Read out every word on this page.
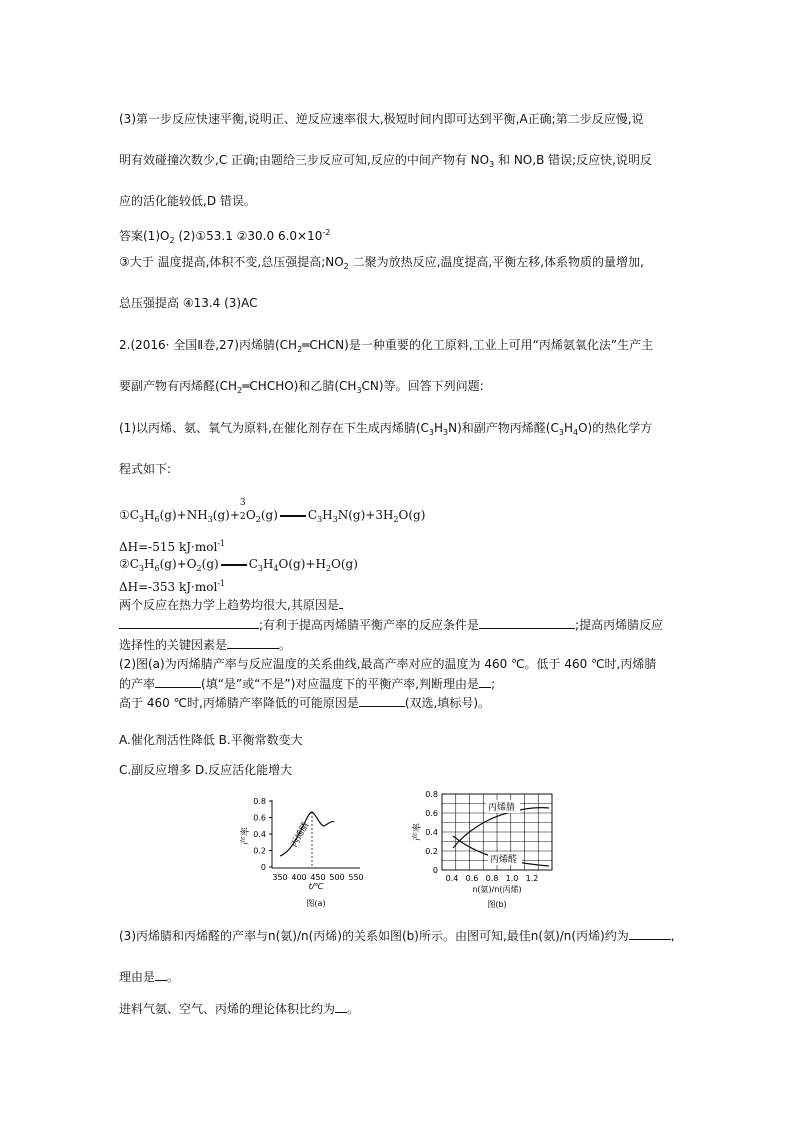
(3)第一步反应快速平衡,说明正、逆反应速率很大,极短时间内即可达到平衡,A正确;第二步反应慢,说
明有效碰撞次数少,C 正确;由题给三步反应可知,反应的中间产物有 $NO_3$ 和 NO,B 错误;反应快,说明反
应的活化能较低,D 错误。
答案$(1)O_2$ (2)①53.1 ②30.0 $6.0\times 10^{-2}$
③大于 温度提高,体积不变,总压强提高$;NO_2$ 二聚为放热反应,温度提高,平衡左移,体系物质的量增加,
总压强提高 ④13.4 (3)AC
2.(2016· 全国Ⅱ卷,27)丙烯腈$(CH_2═CHCN)$是一种重要的化工原料,工业上可用“丙烯氨氧化法”生产主
要副产物有丙烯醛$(CH_2═CHCHO)$和乙腈$(CH_3CN)$等。回答下列问题:
(1)以丙烯、氨、氧气为原料,在催化剂存在下生成丙烯腈$(C_3H_3N)$和副产物丙烯醛$(C_3H_4O)$的热化学方
程式如下:
$①C_3H_6(g)+NH_3(g)+$
3
$2O_2(g)$	$C_3H_3N(g)+3H_2O(g)$
ΔH=-515 kJ·mol$^{-1}$
$②C_3H_6(g)+O_2(g)$	$C_3H_4O(g)+H_2O(g)$
ΔH=-353 kJ·mol$^{-1}$
两个反应在热力学上趋势均很大,其原因是
;有利于提高丙烯腈平衡产率的反应条件是	;提高丙烯腈反应
选择性的关键因素是	。
(2)图(a)为丙烯腈产率与反应温度的关系曲线,最高产率对应的温度为 460 ℃。低于 460 ℃时,丙烯腈
的产率	(填“是”或“不是”)对应温度下的平衡产率,判断理由是 ;
高于 460 ℃时,丙烯腈产率降低的可能原因是	(双选,填标号)。
A.催化剂活性降低 B.平衡常数变大
C.副反应增多 D.反应活化能增大
0.8
0.6
0.4
0.2
0
350 400 450 500 550
产率
t/℃
图(a)
丙烯腈
0.8
0.6
0.4
0.2
0
0.4 0.6 0.8 1.0 1.2
产率
n(氨)/n(丙烯)
图(b)
丙烯腈
丙烯醛
(3)丙烯腈和丙烯醛的产率与n(氨)/n(丙烯)的关系如图(b)所示。由图可知,最佳n(氨)/n(丙烯)约为	,
理由是 。
进料气氨、空气、丙烯的理论体积比约为 。
